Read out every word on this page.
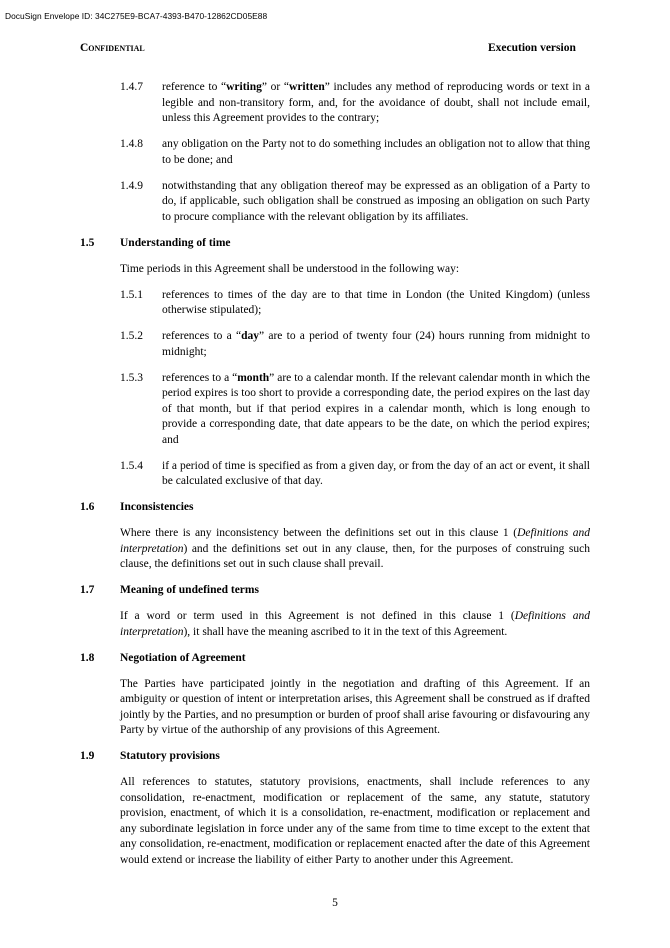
DocuSign Envelope ID: 34C275E9-BCA7-4393-B470-12862CD05E88
Confidential	Execution version
1.4.7	reference to “writing” or “written” includes any method of reproducing words or text in a legible and non-transitory form, and, for the avoidance of doubt, shall not include email, unless this Agreement provides to the contrary;
1.4.8	any obligation on the Party not to do something includes an obligation not to allow that thing to be done; and
1.4.9	notwithstanding that any obligation thereof may be expressed as an obligation of a Party to do, if applicable, such obligation shall be construed as imposing an obligation on such Party to procure compliance with the relevant obligation by its affiliates.
1.5	Understanding of time
Time periods in this Agreement shall be understood in the following way:
1.5.1	references to times of the day are to that time in London (the United Kingdom) (unless otherwise stipulated);
1.5.2	references to a “day” are to a period of twenty four (24) hours running from midnight to midnight;
1.5.3	references to a “month” are to a calendar month. If the relevant calendar month in which the period expires is too short to provide a corresponding date, the period expires on the last day of that month, but if that period expires in a calendar month, which is long enough to provide a corresponding date, that date appears to be the date, on which the period expires; and
1.5.4	if a period of time is specified as from a given day, or from the day of an act or event, it shall be calculated exclusive of that day.
1.6	Inconsistencies
Where there is any inconsistency between the definitions set out in this clause 1 (Definitions and interpretation) and the definitions set out in any clause, then, for the purposes of construing such clause, the definitions set out in such clause shall prevail.
1.7	Meaning of undefined terms
If a word or term used in this Agreement is not defined in this clause 1 (Definitions and interpretation), it shall have the meaning ascribed to it in the text of this Agreement.
1.8	Negotiation of Agreement
The Parties have participated jointly in the negotiation and drafting of this Agreement. If an ambiguity or question of intent or interpretation arises, this Agreement shall be construed as if drafted jointly by the Parties, and no presumption or burden of proof shall arise favouring or disfavouring any Party by virtue of the authorship of any provisions of this Agreement.
1.9	Statutory provisions
All references to statutes, statutory provisions, enactments, shall include references to any consolidation, re-enactment, modification or replacement of the same, any statute, statutory provision, enactment, of which it is a consolidation, re-enactment, modification or replacement and any subordinate legislation in force under any of the same from time to time except to the extent that any consolidation, re-enactment, modification or replacement enacted after the date of this Agreement would extend or increase the liability of either Party to another under this Agreement.
5
